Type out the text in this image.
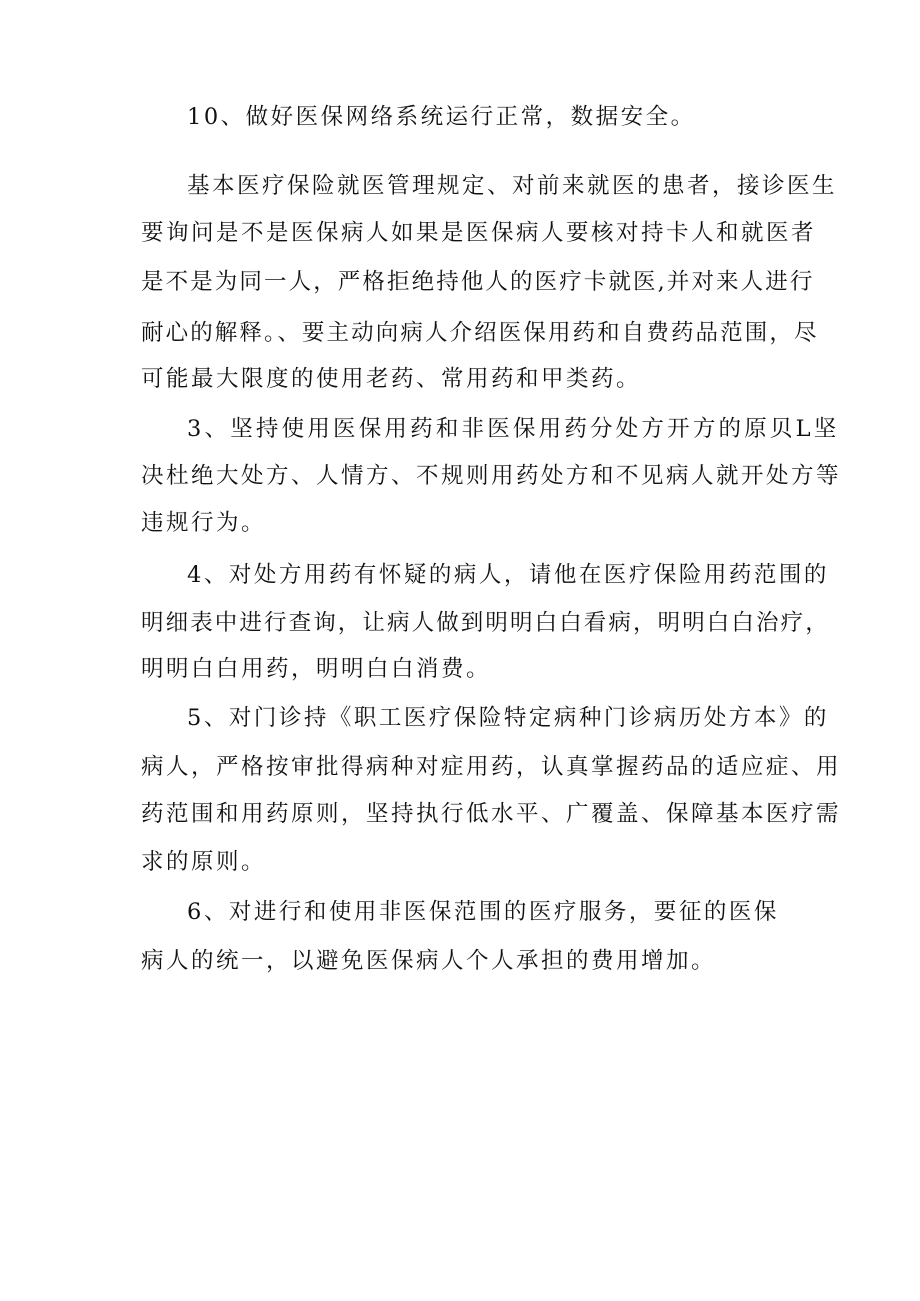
10、做好医保网络系统运行正常，数据安全。
基本医疗保险就医管理规定、对前来就医的患者，接诊医生
要询问是不是医保病人如果是医保病人要核对持卡人和就医者
是不是为同一人，严格拒绝持他人的医疗卡就医,并对来人进行
耐心的解释。、要主动向病人介绍医保用药和自费药品范围，尽
可能最大限度的使用老药、常用药和甲类药。
3、坚持使用医保用药和非医保用药分处方开方的原贝L坚
决杜绝大处方、人情方、不规则用药处方和不见病人就开处方等
违规行为。
4、对处方用药有怀疑的病人，请他在医疗保险用药范围的
明细表中进行查询，让病人做到明明白白看病，明明白白治疗，
明明白白用药，明明白白消费。
5、对门诊持《职工医疗保险特定病种门诊病历处方本》的
病人，严格按审批得病种对症用药，认真掌握药品的适应症、用
药范围和用药原则，坚持执行低水平、广覆盖、保障基本医疗需
求的原则。
6、对进行和使用非医保范围的医疗服务，要征的医保
病人的统一，以避免医保病人个人承担的费用增加。
